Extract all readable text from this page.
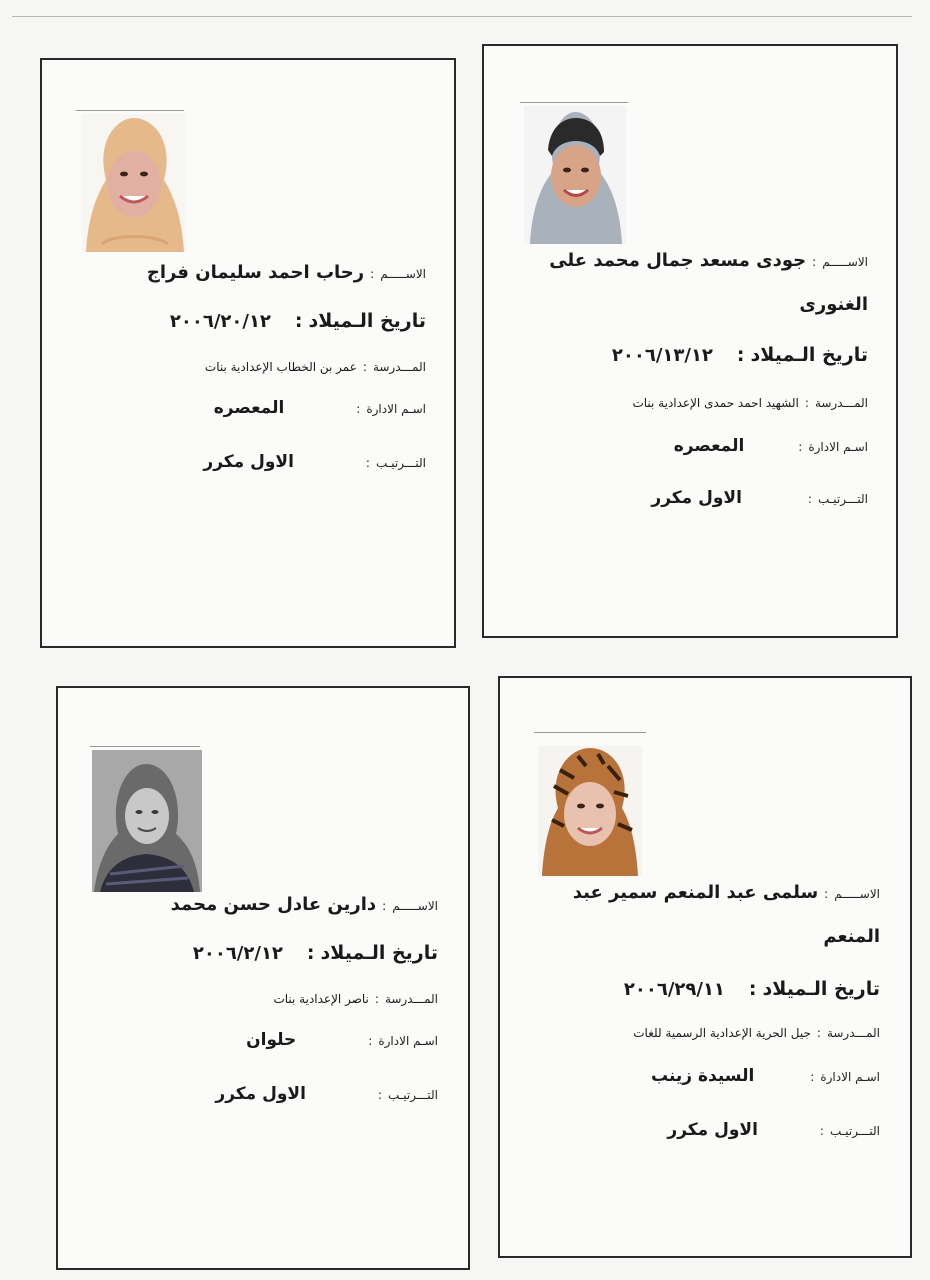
الاســـــم:جودى مسعد جمال محمد على
الغنورى
تاريخ الـميلاد:٢٠٠٦/١٣/١٢
المـــدرسة:الشهيد احمد حمدى الإعدادية بنات
اسـم الادارة:المعصره
التـــرتيـب:الاول مكرر
الاســـــم:رحاب احمد سليمان فراج
تاريخ الـميلاد:٢٠٠٦/٢٠/١٢
المـــدرسة:عمر بن الخطاب الإعدادية بنات
اسـم الادارة:المعصره
التـــرتيـب:الاول مكرر
الاســـــم:سلمى عبد المنعم سمير عبد
المنعم
تاريخ الـميلاد:٢٠٠٦/٢٩/١١
المـــدرسة:جيل الحرية الإعدادية الرسمية للغات
اسـم الادارة:السيدة زينب
التـــرتيـب:الاول مكرر
الاســـــم:دارين عادل حسن محمد
تاريخ الـميلاد:٢٠٠٦/٢/١٢
المـــدرسة:ناصر الإعدادية بنات
اسـم الادارة:حلوان
التـــرتيـب:الاول مكرر
